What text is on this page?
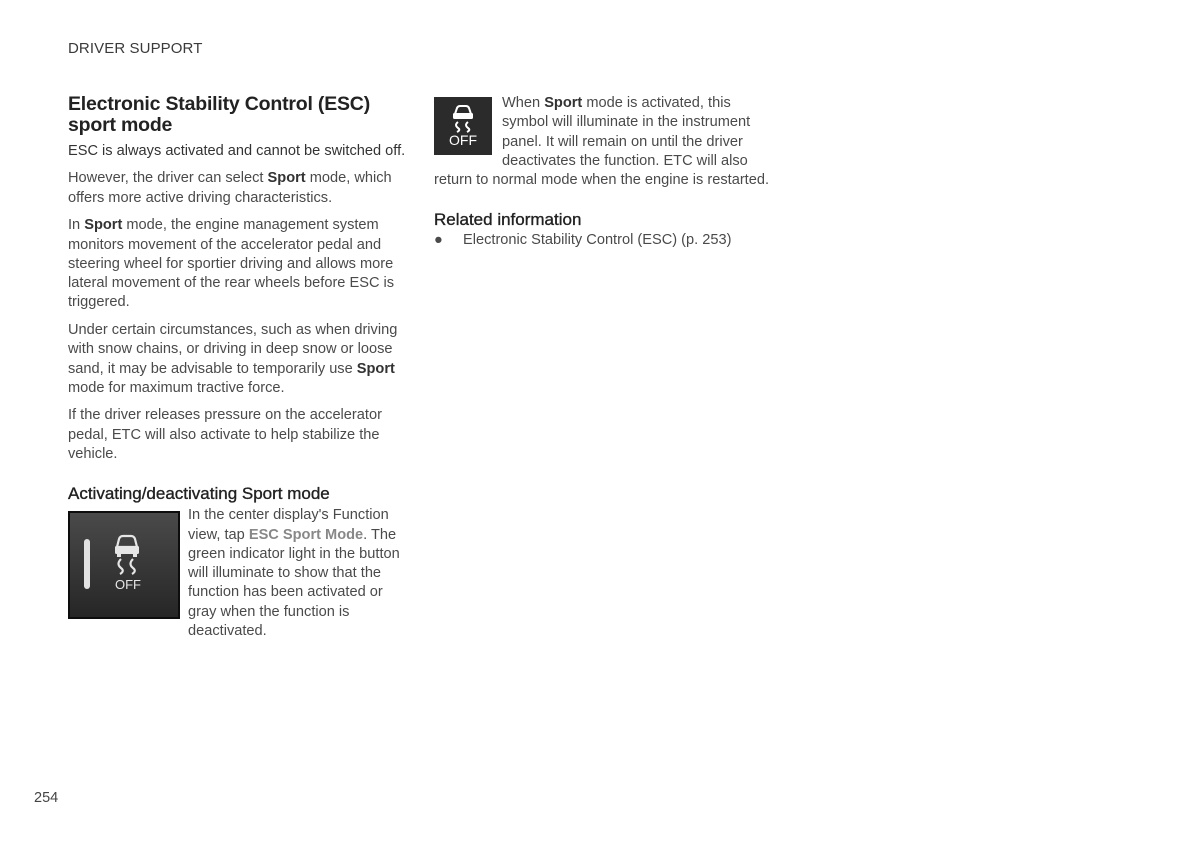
DRIVER SUPPORT
Electronic Stability Control (ESC) sport mode

ESC is always activated and cannot be switched off.

However, the driver can select Sport mode, which offers more active driving characteristics.

In Sport mode, the engine management system monitors movement of the accelerator pedal and steering wheel for sportier driving and allows more lateral movement of the rear wheels before ESC is triggered.

Under certain circumstances, such as when driving with snow chains, or driving in deep snow or loose sand, it may be advisable to temporarily use Sport mode for maximum tractive force.

If the driver releases pressure on the accelerator pedal, ETC will also activate to help stabilize the vehicle.

Activating/deactivating Sport mode
OFF

In the center display's Function view, tap ESC Sport Mode. The green indicator light in the button will illuminate to show that the function has been activated or gray when the function is deactivated.

OFF

When Sport mode is activated, this symbol will illuminate in the instrument panel. It will remain on until the driver deactivates the function. ETC will also return to normal mode when the engine is restarted.

Related information
●	Electronic Stability Control (ESC) (p. 253)
254
